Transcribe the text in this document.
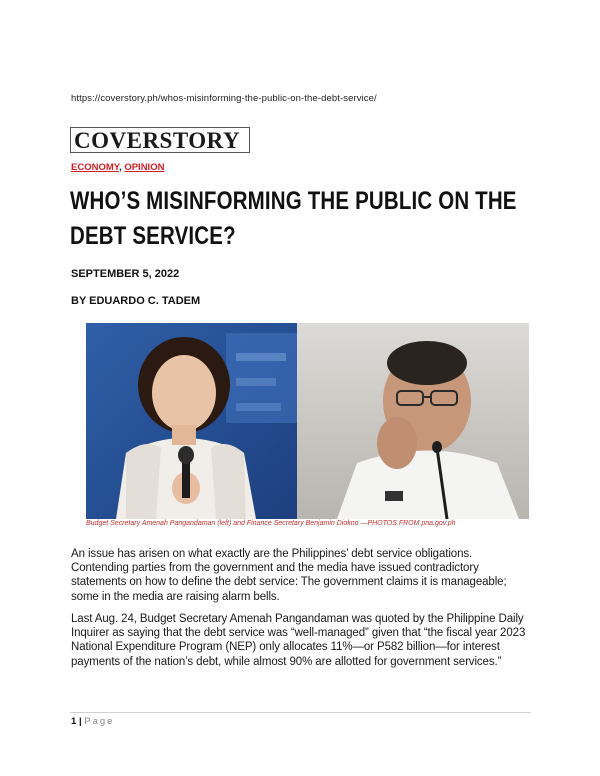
https://coverstory.ph/whos-misinforming-the-public-on-the-debt-service/
COVERSTORY
ECONOMY, OPINION
WHO’S MISINFORMING THE PUBLIC ON THE DEBT SERVICE?
SEPTEMBER 5, 2022
BY EDUARDO C. TADEM
Budget Secretary Amenah Pangandaman (left) and Finance Secretary Benjamin Diokno —PHOTOS FROM pna.gov.ph
An issue has arisen on what exactly are the Philippines’ debt service obligations. Contending parties from the government and the media have issued contradictory statements on how to define the debt service: The government claims it is manageable; some in the media are raising alarm bells.
Last Aug. 24, Budget Secretary Amenah Pangandaman was quoted by the Philippine Daily Inquirer as saying that the debt service was “well-managed” given that “the fiscal year 2023 National Expenditure Program (NEP) only allocates 11%—or P582 billion—for interest payments of the nation’s debt, while almost 90% are allotted for government services.”
1 | Page
